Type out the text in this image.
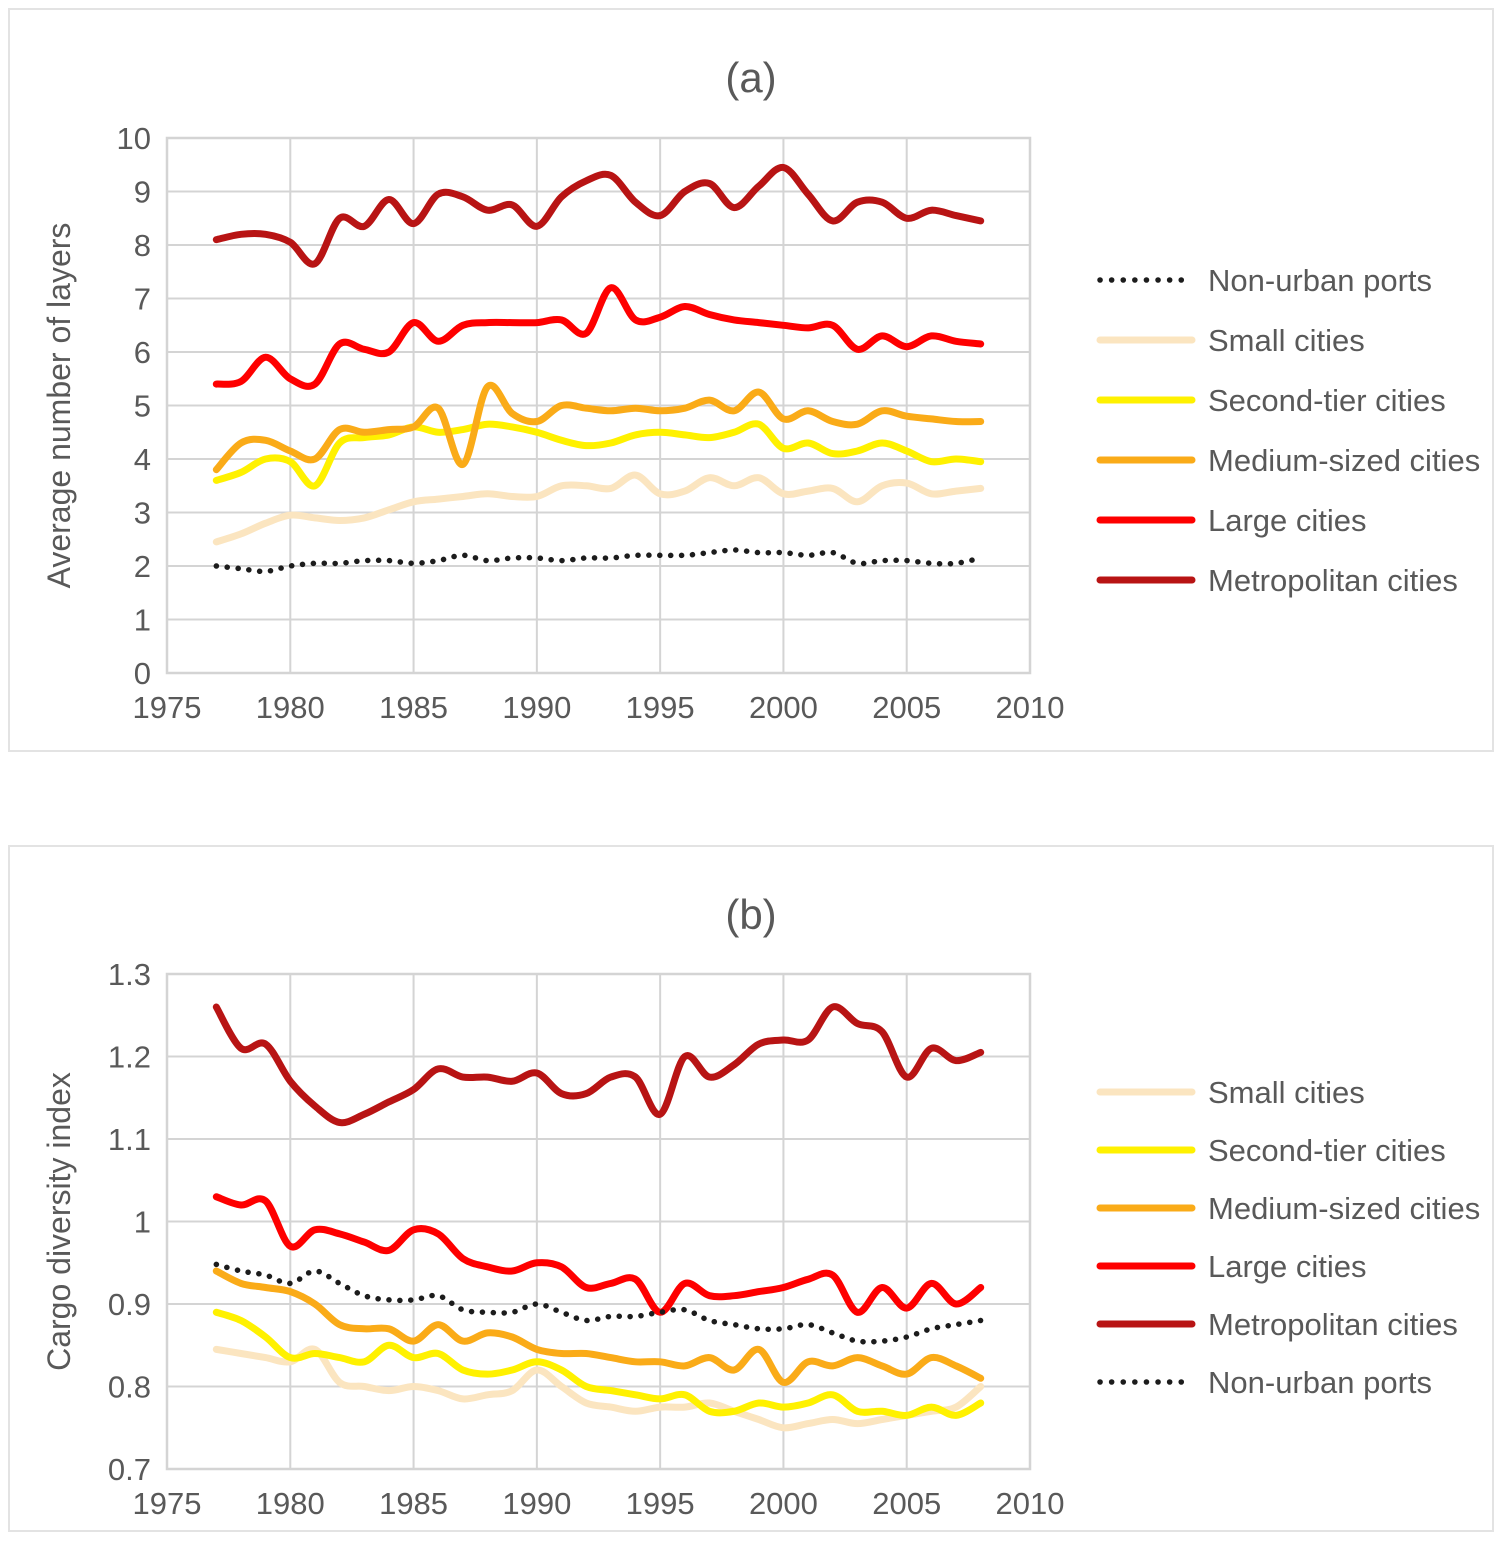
(a)
1975 1980 1985 1990 1995 2000 2005 2010
0
1
2
3
4
5
6
7
8
9
10
Average number of layers	Non-urban ports
Small cities
Second-tier cities
Medium-sized cities
Large cities
Metropolitan cities
(b)
1975 1980 1985 1990 1995 2000 2005 2010
0.7
0.8
0.9
1
1.1
1.2
1.3
Cargo diversity index	Small cities
Second-tier cities
Medium-sized cities
Large cities
Metropolitan cities
Non-urban ports
